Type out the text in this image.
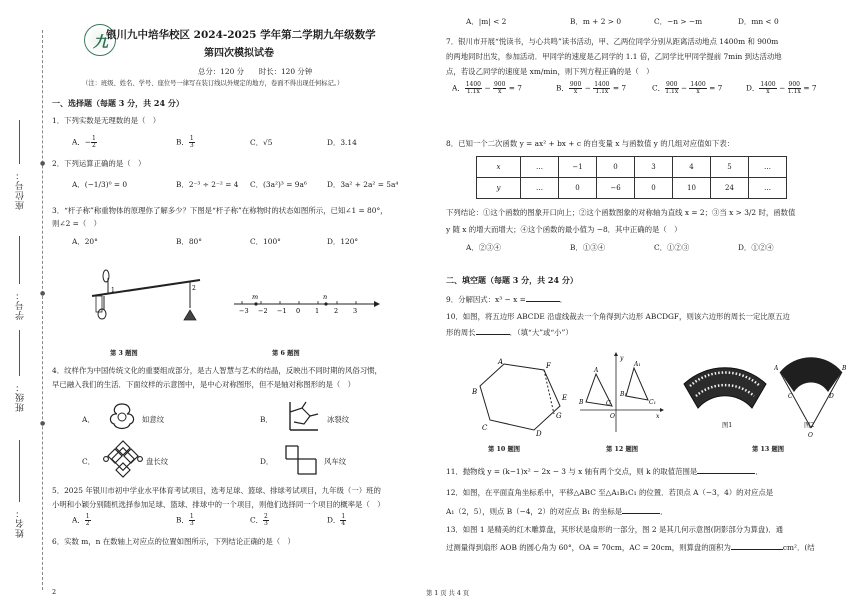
座位号：
学号：
班级：
姓名：
●
●
●
九
银川九中培华校区 2024-2025 学年第二学期九年级数学
第四次模拟试卷
总分：120 分　　时长：120 分钟
（注：班级、姓名、学号、座位号一律写在装订线以外规定的地方，卷面不得出现任何标记。）
一、选择题（每题 3 分，共 24 分）
1．下列实数是无理数的是（　）
A．− $\frac{1}{2}$	B． $\frac{1}{3}$	C．√5	D．3.14
2．下列运算正确的是（　）
A．(−1/3)⁰ = 0	B．2⁻³ ÷ 2⁻² = 4 C．(3a²)³ = 9a⁶	D．3a² + 2a² = 5a⁴
3．“杆子称”称重物体的原理你了解多少？下图是“杆子称”在称物时的状态如图所示，已知∠1 = 80°，
则∠2 =（　）
A．20°	B．80°	C．100°	D．120°
1	2
−3 −2 −1 0 1 2 3
m	n
第 3 题图	第 6 题图
4．纹样作为中国传统文化的重要组成部分，是古人智慧与艺术的结晶，反映出不同时期的风俗习惯，
早已融入我们的生活．下面纹样的示意图中，是中心对称图形，但不是轴对称图形的是（　）
A．	如意纹	B．	冰裂纹
C．	盘长纹	D．	风车纹
5．2025 年银川市初中学业水平体育考试项目，选考足球、篮球、排球考试项目，九年级（一）班的
小明和小颖分别随机选择参加足球、篮球、排球中的一个项目，则他们选择同一个项目的概率是（　）
A． $\frac{1}{2}$	B． $\frac{1}{3}$	C． $\frac{2}{3}$	D． $\frac{1}{4}$
6．实数 m，n 在数轴上对应点的位置如图所示，下列结论正确的是（　）
2
A．|m| < 2	B．m + 2 > 0	C．−n > −m	D．mn < 0
7．银川市开展“悦读书，与心共鸣”读书活动，甲、乙两位同学分别从距离活动地点 1400m 和 900m
的两地同时出发，参加活动．甲同学的速度是乙同学的 1.1 倍，乙同学比甲同学提前 7min 到达活动地
点，若设乙同学的速度是 xm/min，则下列方程正确的是（　）
A． $\frac{1400}{1.1x} - \frac{900}{x} = 7$	B． $\frac{900}{x} - \frac{1400}{1.1x} = 7$	C． $\frac{900}{1.1x} - \frac{1400}{x} = 7$	D． $\frac{1400}{x} - \frac{900}{1.1x} = 7$
8．已知一个二次函数 y = ax² + bx + c 的自变量 x 与函数值 y 的几组对应值如下表：
x	…	−1	0	3	4	5	…
y	…	0	−6	0	10	24	…
下列结论：①这个函数的图象开口向上；②这个函数图象的对称轴为直线 x = 2；③当 x > 3/2 时，函数值
y 随 x 的增大而增大；④这个函数的最小值为 −8．其中正确的是（　）
A．②③④	B．①③④	C．①②③	D．①②④
二、填空题（每题 3 分，共 24 分）
9．分解因式：x³ − x =	．
10．如图，将五边形 ABCDE 沿虚线裁去一个角得到六边形 ABCDGF，则该六边形的周长一定比原五边
形的周长	．（填“大”或“小”）
A
B
C
D
E
F
G
A
B	C
A₁
B₁
C₁
O	x
y
图1
A	B
C	D
O
图2
第 10 题图	第 12 题图	第 13 题图
11．抛物线 y = (k−1)x² − 2x − 3 与 x 轴有两个交点，则 k 的取值范围是	．
12．如图，在平面直角坐标系中，平移△ABC 至△A₁B₁C₁ 的位置．若顶点 A（−3，4）的对应点是
A₁（2，5），则点 B（−4，2）的对应点 B₁ 的坐标是	．
13．如图 1 是精美的红木雕算盘，其形状是扇形的一部分，图 2 是其几何示意图(阴影部分为算盘)．通
过测量得到扇形 AOB 的圆心角为 60°，OA = 70cm，AC = 20cm，则算盘的面积为	cm²．(结
第 1 页 共 4 页
